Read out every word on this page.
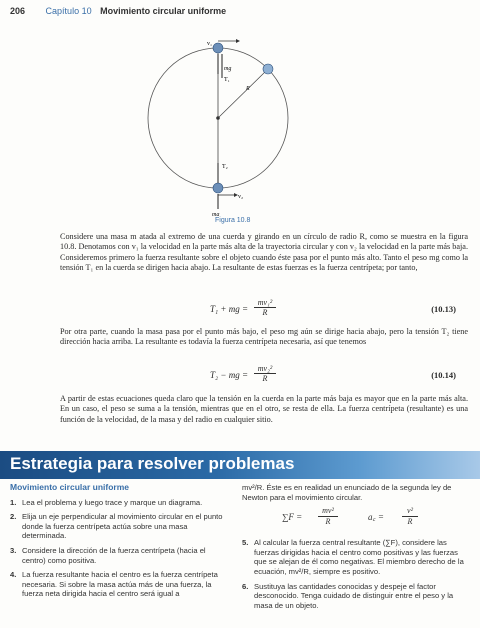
206 Capítulo 10 Movimiento circular uniforme
v₁
mg
T₁
R
T₂
v₂
mg
Figura 10.8

Considere una masa m atada al extremo de una cuerda y girando en un círculo de radio R, como se muestra en la figura 10.8. Denotamos con v₁ la velocidad en la parte más alta de la trayectoria circular y con v₂ la velocidad en la parte más baja. Consideremos primero la fuerza resultante sobre el objeto cuando éste pasa por el punto más alto. Tanto el peso mg como la tensión T₁ en la cuerda se dirigen hacia abajo. La resultante de estas fuerzas es la fuerza centrípeta; por tanto,

T₁ + mg = $\frac{\text{mv₁²}}{R}$	(10.13)

Por otra parte, cuando la masa pasa por el punto más bajo, el peso mg aún se dirige hacia abajo, pero la tensión T₂ tiene dirección hacia arriba. La resultante es todavía la fuerza centrípeta necesaria, así que tenemos

T₂ − mg = $\frac{\text{mv₂²}}{R}$	(10.14)

A partir de estas ecuaciones queda claro que la tensión en la cuerda en la parte más baja es mayor que en la parte más alta. En un caso, el peso se suma a la tensión, mientras que en el otro, se resta de ella. La fuerza centrípeta (resultante) es una función de la velocidad, de la masa y del radio en cualquier sitio.

Estrategia para resolver problemas
Movimiento circular uniforme
1. Lea el problema y luego trace y marque un diagrama.
2. Elija un eje perpendicular al movimiento circular en el punto donde la fuerza centrípeta actúa sobre una masa determinada.
3. Considere la dirección de la fuerza centrípeta (hacia el centro) como positiva.
4. La fuerza resultante hacia el centro es la fuerza centrípeta necesaria. Si sobre la masa actúa más de una fuerza, la fuerza neta dirigida hacia el centro será igual a
mv²/R. Éste es en realidad un enunciado de la segunda ley de Newton para el movimiento circular.
$\sum F = \frac{\text{mv²}}{R}$	a꜀ = $\frac{\text{v²}}{R}$
5. Al calcular la fuerza central resultante (∑F), considere las fuerzas dirigidas hacia el centro como positivas y las fuerzas que se alejan de él como negativas. El miembro derecho de la ecuación, mv²/R, siempre es positivo.
6. Sustituya las cantidades conocidas y despeje el factor desconocido. Tenga cuidado de distinguir entre el peso y la masa de un objeto.
